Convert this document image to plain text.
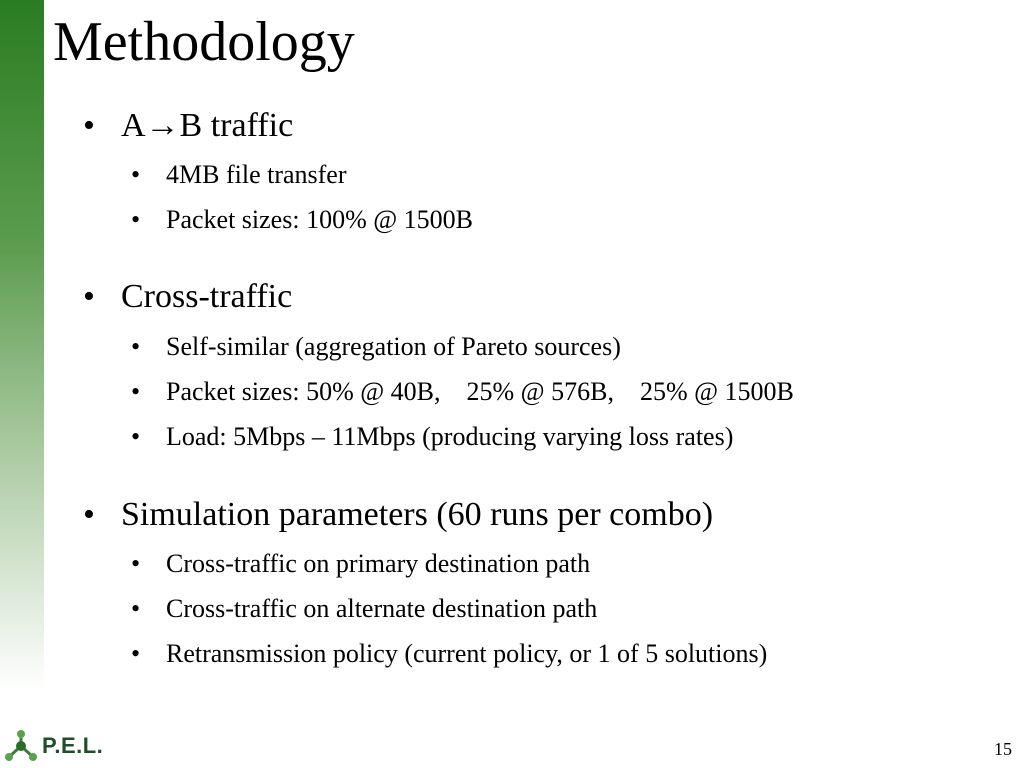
Methodology
• A→B traffic
• 4MB file transfer
• Packet sizes: 100% @ 1500B
• Cross-traffic
• Self-similar (aggregation of Pareto sources)
• Packet sizes: 50% @ 40B,    25% @ 576B,    25% @ 1500B
• Load: 5Mbps – 11Mbps (producing varying loss rates)
• Simulation parameters (60 runs per combo)
• Cross-traffic on primary destination path
• Cross-traffic on alternate destination path
• Retransmission policy (current policy, or 1 of 5 solutions)
P.E.L.	15
